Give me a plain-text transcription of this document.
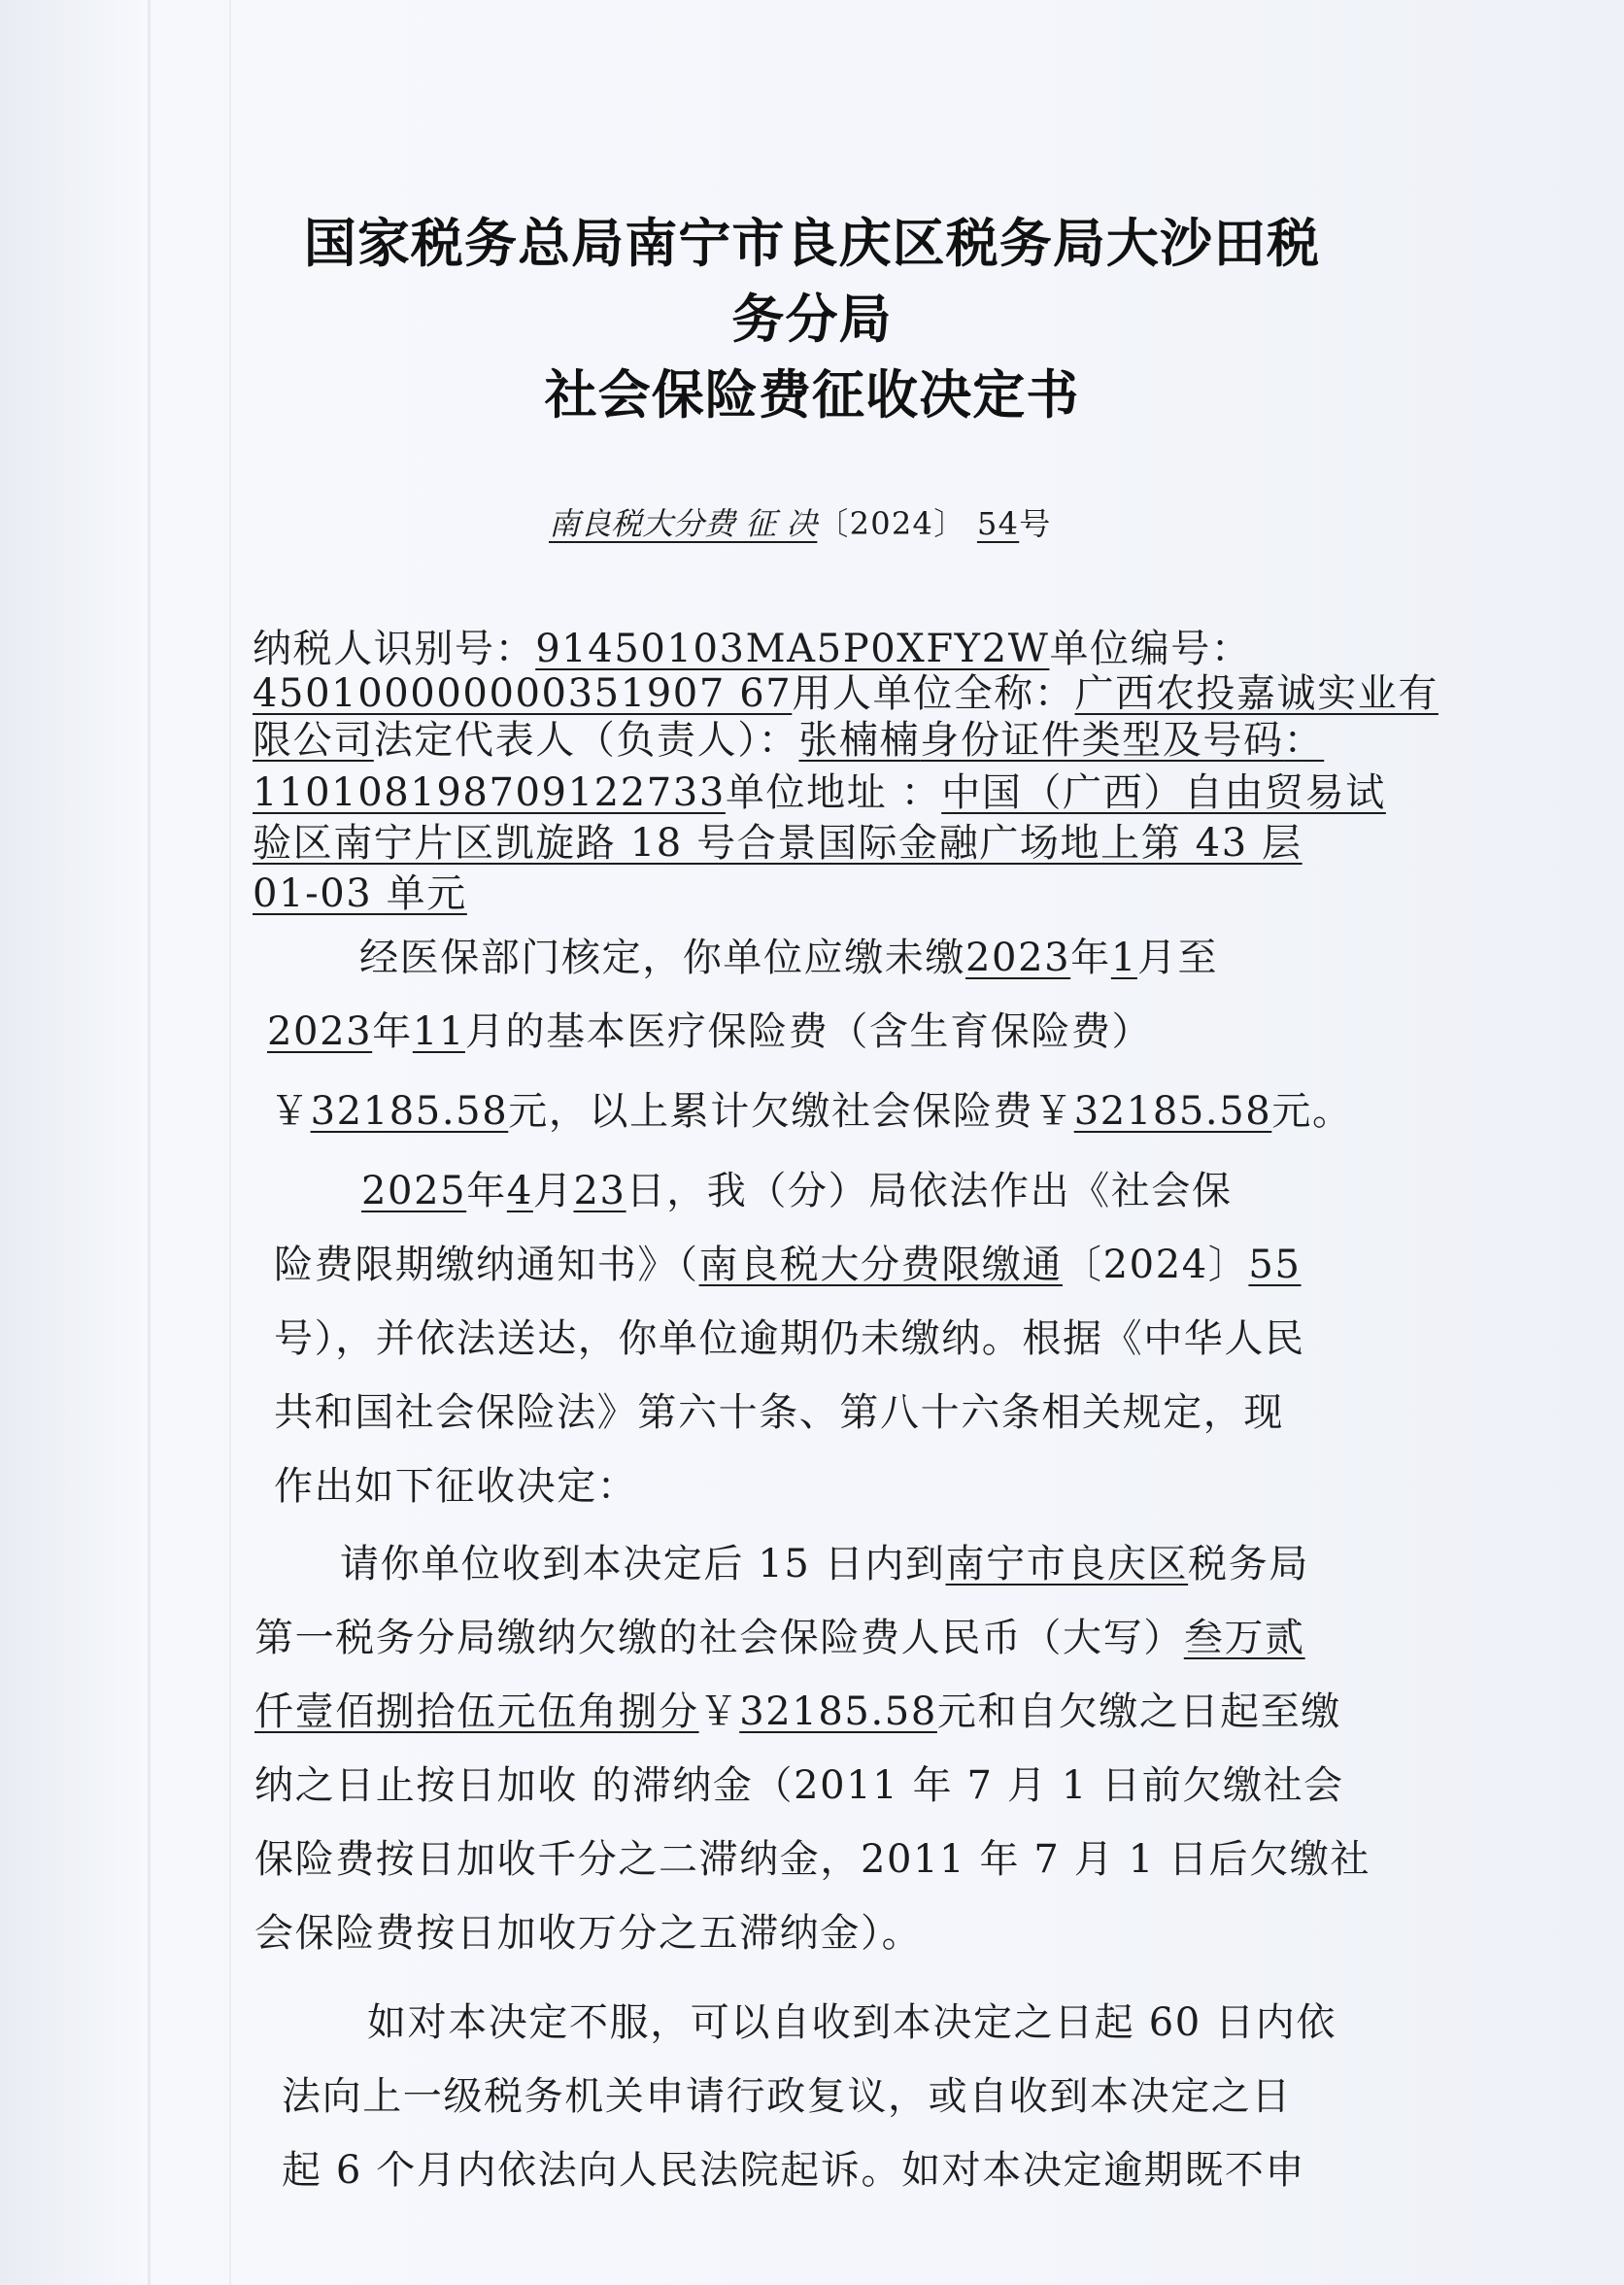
国家税务总局南宁市良庆区税务局大沙田税
务分局
社会保险费征收决定书
南良税大分费 征 决〔2024〕 54号
纳税人识别号：91450103MA5P0XFY2W单位编号：
450100000000351907 67用人单位全称：广西农投嘉诚实业有
限公司法定代表人（负责人）：张楠楠身份证件类型及号码：
110108198709122733单位地址 ：中国（广西）自由贸易试
验区南宁片区凯旋路 18 号合景国际金融广场地上第 43 层
01-03 单元
经医保部门核定，你单位应缴未缴2023年1月至
2023年11月的基本医疗保险费（含生育保险费）
￥32185.58元，以上累计欠缴社会保险费￥32185.58元。
2025年4月23日，我（分）局依法作出《社会保
险费限期缴纳通知书》（南良税大分费限缴通〔2024〕55
号），并依法送达，你单位逾期仍未缴纳。根据《中华人民
共和国社会保险法》第六十条、第八十六条相关规定，现
作出如下征收决定：
请你单位收到本决定后 15 日内到南宁市良庆区税务局
第一税务分局缴纳欠缴的社会保险费人民币（大写）叁万贰
仟壹佰捌拾伍元伍角捌分￥32185.58元和自欠缴之日起至缴
纳之日止按日加收 的滞纳金（2011 年 7 月 1 日前欠缴社会
保险费按日加收千分之二滞纳金，2011 年 7 月 1 日后欠缴社
会保险费按日加收万分之五滞纳金）。
如对本决定不服，可以自收到本决定之日起 60 日内依
法向上一级税务机关申请行政复议，或自收到本决定之日
起 6 个月内依法向人民法院起诉。如对本决定逾期既不申
